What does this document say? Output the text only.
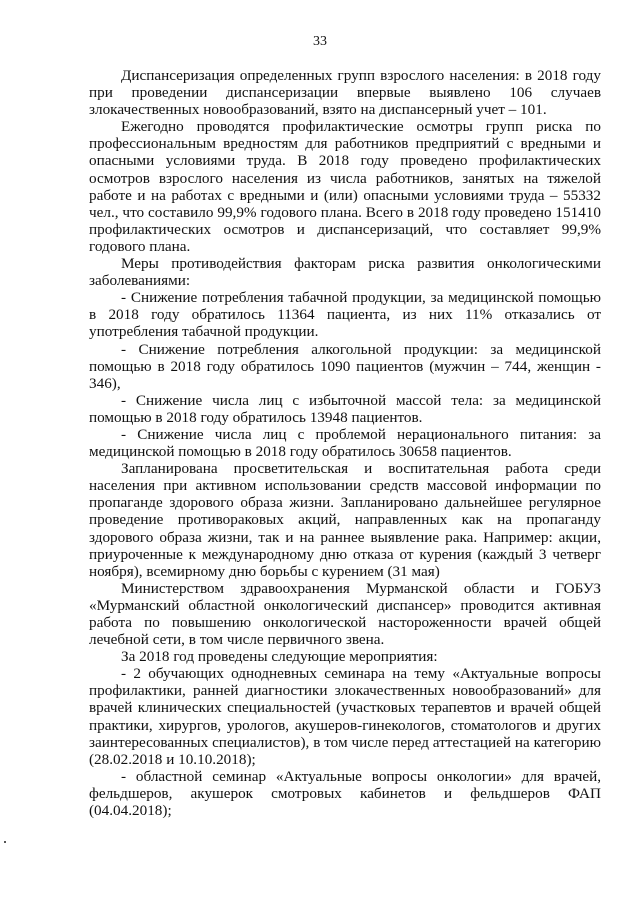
33

Диспансеризация определенных групп взрослого населения: в 2018 году при проведении диспансеризации впервые выявлено 106 случаев злокачественных новообразований, взято на диспансерный учет – 101.

Ежегодно проводятся профилактические осмотры групп риска по профессиональным вредностям для работников предприятий с вредными и опасными условиями труда. В 2018 году проведено профилактических осмотров взрослого населения из числа работников, занятых на тяжелой работе и на работах с вредными и (или) опасными условиями труда – 55332 чел., что составило 99,9% годового плана. Всего в 2018 году проведено 151410 профилактических осмотров и диспансеризаций, что составляет 99,9% годового плана.

Меры противодействия факторам риска развития онкологическими заболеваниями:

- Снижение потребления табачной продукции, за медицинской помощью в 2018 году обратилось 11364 пациента, из них 11% отказались от употребления табачной продукции.

- Снижение потребления алкогольной продукции: за медицинской помощью в 2018 году обратилось 1090 пациентов (мужчин – 744, женщин - 346),

- Снижение числа лиц с избыточной массой тела: за медицинской помощью в 2018 году обратилось 13948 пациентов.

- Снижение числа лиц с проблемой нерационального питания: за медицинской помощью в 2018 году обратилось 30658 пациентов.

Запланирована просветительская и воспитательная работа среди населения при активном использовании средств массовой информации по пропаганде здорового образа жизни. Запланировано дальнейшее регулярное проведение противораковых акций, направленных как на пропаганду здорового образа жизни, так и на раннее выявление рака. Например: акции, приуроченные к международному дню отказа от курения (каждый 3 четверг ноября), всемирному дню борьбы с курением (31 мая)

Министерством здравоохранения Мурманской области и ГОБУЗ «Мурманский областной онкологический диспансер» проводится активная работа по повышению онкологической настороженности врачей общей лечебной сети, в том числе первичного звена.

За 2018 год проведены следующие мероприятия:

- 2 обучающих однодневных семинара на тему «Актуальные вопросы профилактики, ранней диагностики злокачественных новообразований» для врачей клинических специальностей (участковых терапевтов и врачей общей практики, хирургов, урологов, акушеров-гинекологов, стоматологов и других заинтересованных специалистов), в том числе перед аттестацией на категорию (28.02.2018 и 10.10.2018);

- областной семинар «Актуальные вопросы онкологии» для врачей, фельдшеров, акушерок смотровых кабинетов и фельдшеров ФАП (04.04.2018);
